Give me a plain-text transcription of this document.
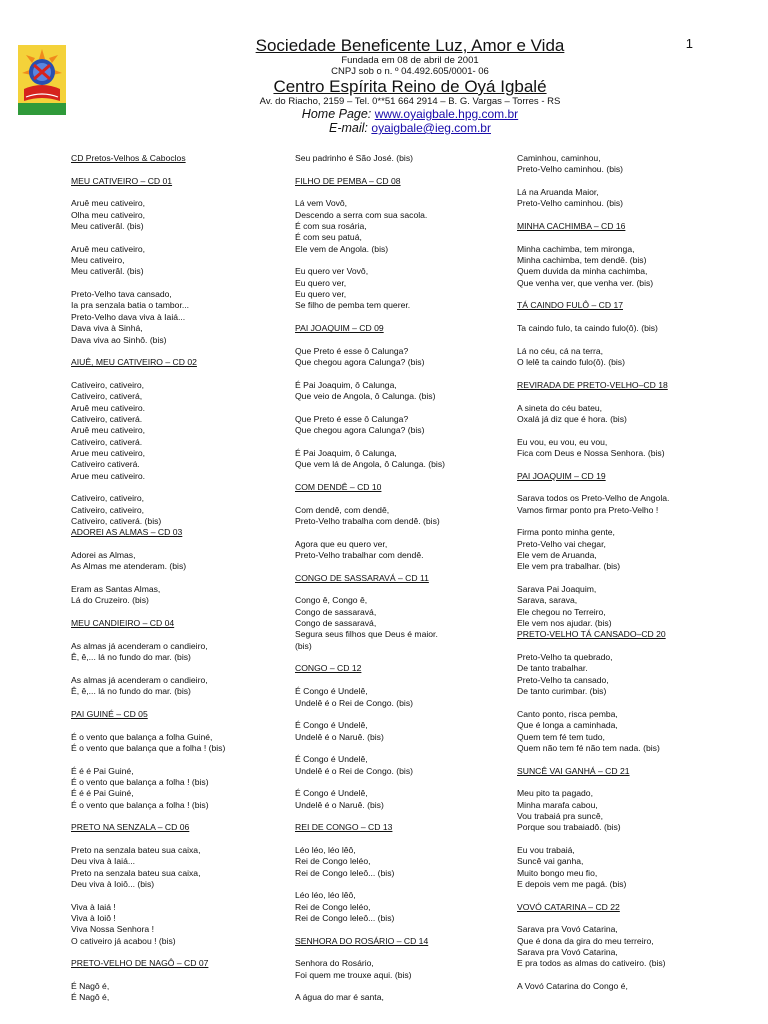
1
Sociedade Beneficente Luz, Amor e Vida
Fundada em 08 de abril de 2001
CNPJ sob o n. º 04.492.605/0001- 06
Centro Espírita Reino de Oyá Igbalé
Av. do Riacho, 2159 – Tel. 0**51 664 2914 – B. G. Vargas – Torres - RS
Home Page: www.oyaigbale.hpg.com.br
E-mail: oyaigbale@ieg.com.br
CD Pretos-Velhos & Caboclos
MEU CATIVEIRO – CD 01
Aruê meu cativeiro,
Olha meu cativeiro,
Meu cativerâl. (bis)
Aruê meu cativeiro,
Meu cativeiro,
Meu cativerâl. (bis)
Preto-Velho tava cansado,
Ia pra senzala batia o tambor...
Preto-Velho dava viva à Iaiá...
Dava viva à Sinhá,
Dava viva ao Sinhô. (bis)
AIUÊ, MEU CATIVEIRO – CD 02
Cativeiro, cativeiro,
Cativeiro, cativerá,
Aruê meu cativeiro.
Cativeiro, cativerá.
Aruê meu cativeiro,
Cativeiro, cativerá.
Arue meu cativeiro,
Cativeiro cativerá.
Arue meu cativeiro.
Cativeiro, cativeiro,
Cativeiro, cativeiro,
Cativeiro, cativerá. (bis)
ADOREI AS ALMAS – CD 03
Adorei as Almas,
As Almas me atenderam. (bis)
Eram as Santas Almas,
Lá do Cruzeiro. (bis)
MEU CANDIEIRO – CD 04
As almas já acenderam o candieiro,
Ê, ê,... lá no fundo do mar. (bis)
As almas já acenderam o candieiro,
Ê, ê,... lá no fundo do mar. (bis)
PAI GUINÉ – CD 05
É o vento que balança a folha Guiné,
É o vento que balança que a folha ! (bis)
É é é Pai Guiné,
É o vento que balança a folha ! (bis)
É é é Pai Guiné,
É o vento que balança a folha ! (bis)
PRETO NA SENZALA – CD 06
Preto na senzala bateu sua caixa,
Deu viva à Iaiá...
Preto na senzala bateu sua caixa,
Deu viva à Ioiô... (bis)
Viva à Iaiá !
Viva à Ioiô !
Viva Nossa Senhora !
O cativeiro já acabou ! (bis)
PRETO-VELHO DE NAGÔ – CD 07
É Nagô é,
É Nagô é,
Seu padrinho é São José. (bis)
FILHO DE PEMBA – CD 08
Lá vem Vovô,
Descendo a serra com sua sacola.
É com sua rosária,
É com seu patuá,
Ele vem de Angola. (bis)
Eu quero ver Vovô,
Eu quero ver,
Eu quero ver,
Se filho de pemba tem querer.
PAI JOAQUIM – CD 09
Que Preto é esse ô Calunga?
Que chegou agora Calunga? (bis)
É Pai Joaquim, ô Calunga,
Que veio de Angola, ô Calunga. (bis)
Que Preto é esse ô Calunga?
Que chegou agora Calunga? (bis)
É Pai Joaquim, ô Calunga,
Que vem lá de Angola, ô Calunga. (bis)
COM DENDÊ – CD 10
Com dendê, com dendê,
Preto-Velho trabalha com dendê. (bis)
Agora que eu quero ver,
Preto-Velho trabalhar com dendê.
CONGO DE SASSARAVÁ – CD 11
Congo ê, Congo ê,
Congo de sassaravá,
Congo de sassaravá,
Segura seus filhos que Deus é maior.
(bis)
CONGO – CD 12
É Congo é Undelê,
Undelê é o Rei de Congo. (bis)
É Congo é Undelê,
Undelê é o Naruê. (bis)
É Congo é Undelê,
Undelê é o Rei de Congo. (bis)
É Congo é Undelê,
Undelê é o Naruê. (bis)
REI DE CONGO – CD 13
Léo léo, léo lêô,
Rei de Congo leléo,
Rei de Congo leleô... (bis)
Léo léo, léo lêô,
Rei de Congo leléo,
Rei de Congo leleô... (bis)
SENHORA DO ROSÁRIO – CD 14
Senhora do Rosário,
Foi quem me trouxe aqui. (bis)
A água do mar é santa,
Caminhou, caminhou,
Preto-Velho caminhou. (bis)
Lá na Aruanda Maior,
Preto-Velho caminhou. (bis)
MINHA CACHIMBA – CD 16
Minha cachimba, tem mironga,
Minha cachimba, tem dendê. (bis)
Quem duvida da minha cachimba,
Que venha ver, que venha ver. (bis)
TÁ CAINDO FULÔ – CD 17
Ta caindo fulo, ta caindo fulo(ô). (bis)
Lá no céu, cá na terra,
O lelê ta caindo fulo(ô). (bis)
REVIRADA DE PRETO-VELHO–CD 18
A sineta do céu bateu,
Oxalá já diz que é hora. (bis)
Eu vou, eu vou, eu vou,
Fica com Deus e Nossa Senhora. (bis)
PAI JOAQUIM – CD 19
Sarava todos os Preto-Velho de Angola.
Vamos firmar ponto pra Preto-Velho !
Firma ponto minha gente,
Preto-Velho vai chegar,
Ele vem de Aruanda,
Ele vem pra trabalhar. (bis)
Sarava Pai Joaquim,
Sarava, sarava,
Ele chegou no Terreiro,
Ele vem nos ajudar. (bis)
PRETO-VELHO TÁ CANSADO–CD 20
Preto-Velho ta quebrado,
De tanto trabalhar.
Preto-Velho ta cansado,
De tanto curimbar. (bis)
Canto ponto, risca pemba,
Que é longa a caminhada,
Quem tem fé tem tudo,
Quem não tem fé não tem nada. (bis)
SUNCÊ VAI GANHÁ – CD 21
Meu pito ta pagado,
Minha marafa cabou,
Vou trabaiá pra suncê,
Porque sou trabaiadô. (bis)
Eu vou trabaiá,
Suncê vai ganha,
Muito bongo meu fio,
E depois vem me pagá. (bis)
VOVÓ CATARINA – CD 22
Sarava pra Vovó Catarina,
Que é dona da gira do meu terreiro,
Sarava pra Vovó Catarina,
E pra todos as almas do cativeiro. (bis)
A Vovó Catarina do Congo é,
